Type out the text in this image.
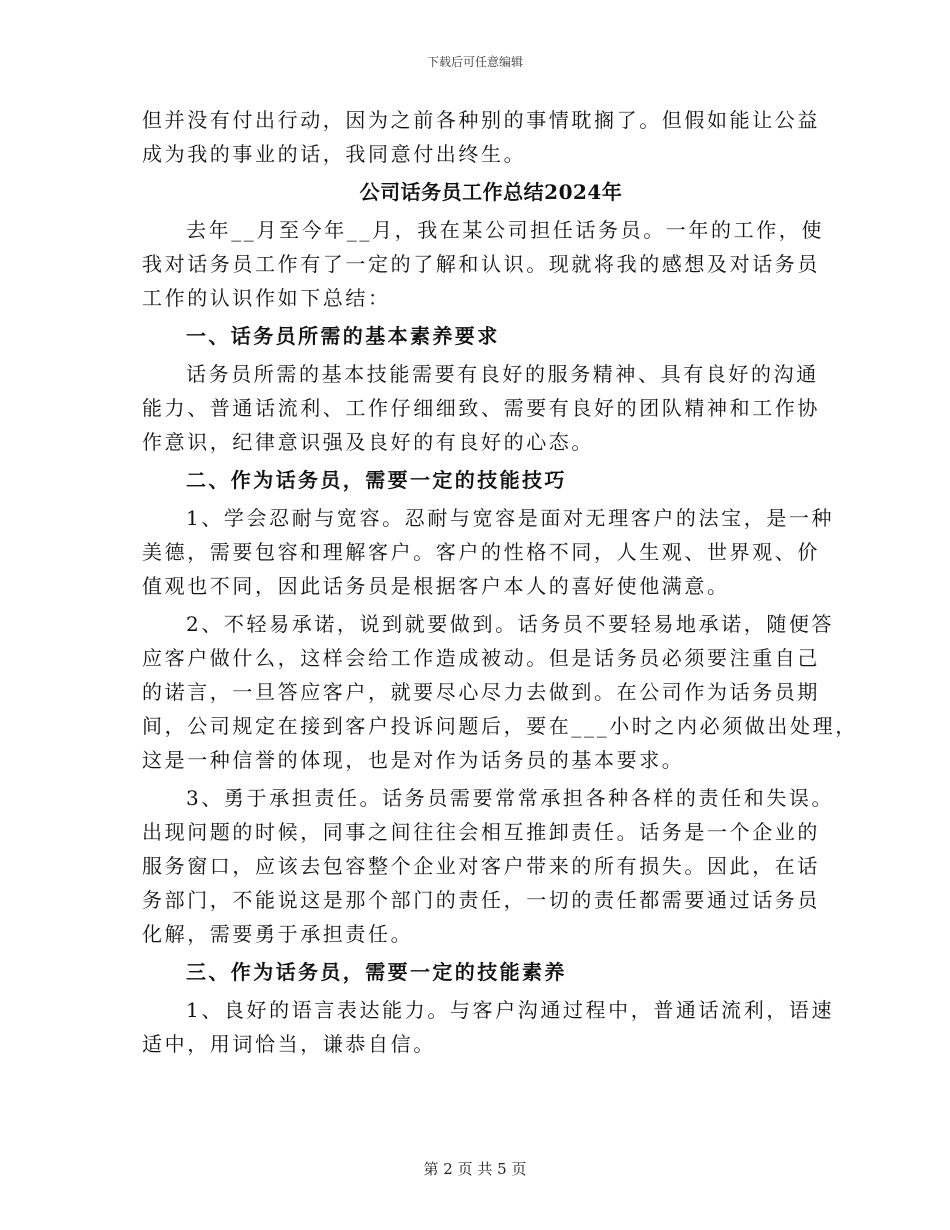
下载后可任意编辑
但并没有付出行动，因为之前各种别的事情耽搁了。但假如能让公益
成为我的事业的话，我同意付出终生。
公司话务员工作总结2024年
去年__月至今年__月，我在某公司担任话务员。一年的工作，使
我对话务员工作有了一定的了解和认识。现就将我的感想及对话务员
工作的认识作如下总结：
一、话务员所需的基本素养要求
话务员所需的基本技能需要有良好的服务精神、具有良好的沟通
能力、普通话流利、工作仔细细致、需要有良好的团队精神和工作协
作意识，纪律意识强及良好的有良好的心态。
二、作为话务员，需要一定的技能技巧
1、学会忍耐与宽容。忍耐与宽容是面对无理客户的法宝，是一种
美德，需要包容和理解客户。客户的性格不同，人生观、世界观、价
值观也不同，因此话务员是根据客户本人的喜好使他满意。
2、不轻易承诺，说到就要做到。话务员不要轻易地承诺，随便答
应客户做什么，这样会给工作造成被动。但是话务员必须要注重自己
的诺言，一旦答应客户，就要尽心尽力去做到。在公司作为话务员期
间，公司规定在接到客户投诉问题后，要在___小时之内必须做出处理，
这是一种信誉的体现，也是对作为话务员的基本要求。
3、勇于承担责任。话务员需要常常承担各种各样的责任和失误。
出现问题的时候，同事之间往往会相互推卸责任。话务是一个企业的
服务窗口，应该去包容整个企业对客户带来的所有损失。因此，在话
务部门，不能说这是那个部门的责任，一切的责任都需要通过话务员
化解，需要勇于承担责任。
三、作为话务员，需要一定的技能素养
1、良好的语言表达能力。与客户沟通过程中，普通话流利，语速
适中，用词恰当，谦恭自信。
第 2 页 共 5 页
